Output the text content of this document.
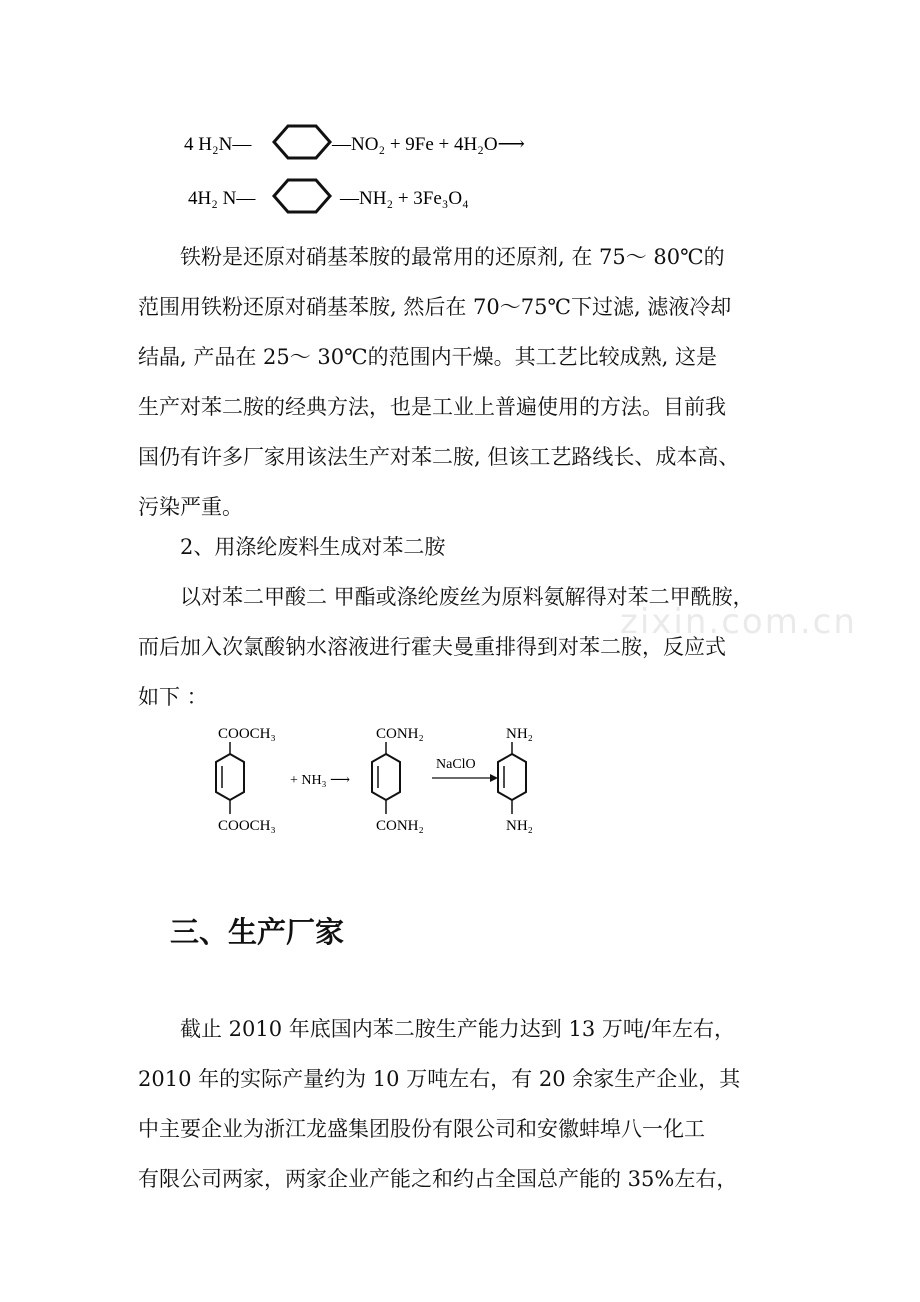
4 H₂N—	—NO₂ + 9Fe + 4H₂O⟶
4H₂ N—	—NH₂ + 3Fe₃O₄
铁粉是还原对硝基苯胺的最常用的还原剂, 在 75～ 80℃的
范围用铁粉还原对硝基苯胺, 然后在 70～75℃下过滤, 滤液冷却
结晶, 产品在 25～ 30℃的范围内干燥。其工艺比较成熟, 这是
生产对苯二胺的经典方法，也是工业上普遍使用的方法。目前我
国仍有许多厂家用该法生产对苯二胺, 但该工艺路线长、成本高、
污染严重。
2、用涤纶废料生成对苯二胺
以对苯二甲酸二 甲酯或涤纶废丝为原料氨解得对苯二甲酰胺，
而后加入次氯酸钠水溶液进行霍夫曼重排得到对苯二胺，反应式
如下 ：
zixin.com.cn
COOCH₃
COOCH₃
+ NH₃ ⟶
CONH₂
CONH₂
NaClO
NH₂
NH₂
三、生产厂家
截止 2010 年底国内苯二胺生产能力达到 13 万吨/年左右，
2010 年的实际产量约为 10 万吨左右，有 20 余家生产企业，其
中主要企业为浙江龙盛集团股份有限公司和安徽蚌埠八一化工
有限公司两家，两家企业产能之和约占全国总产能的 35%左右，
